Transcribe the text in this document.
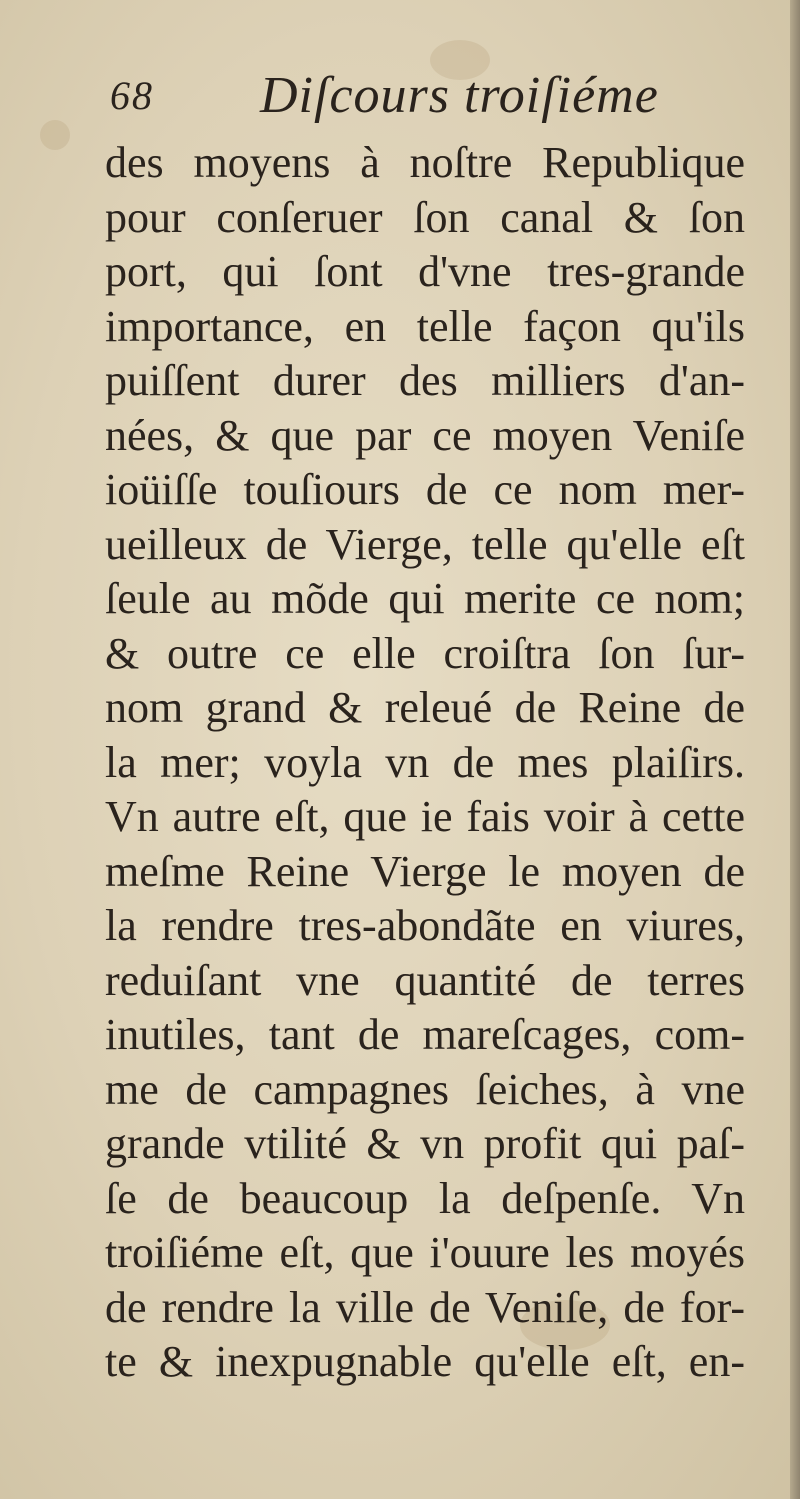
68 Diſcours troiſiéme
des moyens à noſtre Republique
pour conſeruer ſon canal & ſon
port, qui ſont d'vne tres-grande
importance, en telle façon qu'ils
puiſſent durer des milliers d'an-
nées, & que par ce moyen Veniſe
ioüiſſe touſiours de ce nom mer-
ueilleux de Vierge, telle qu'elle eſt
ſeule au mõde qui merite ce nom;
& outre ce elle croiſtra ſon ſur-
nom grand & releué de Reine de
la mer; voyla vn de mes plaiſirs.
Vn autre eſt, que ie fais voir à cette
meſme Reine Vierge le moyen de
la rendre tres-abondãte en viures,
reduiſant vne quantité de terres
inutiles, tant de mareſcages, com-
me de campagnes ſeiches, à vne
grande vtilité & vn profit qui paſ-
ſe de beaucoup la deſpenſe. Vn
troiſiéme eſt, que i'ouure les moyés
de rendre la ville de Veniſe, de for-
te & inexpugnable qu'elle eſt, en-
